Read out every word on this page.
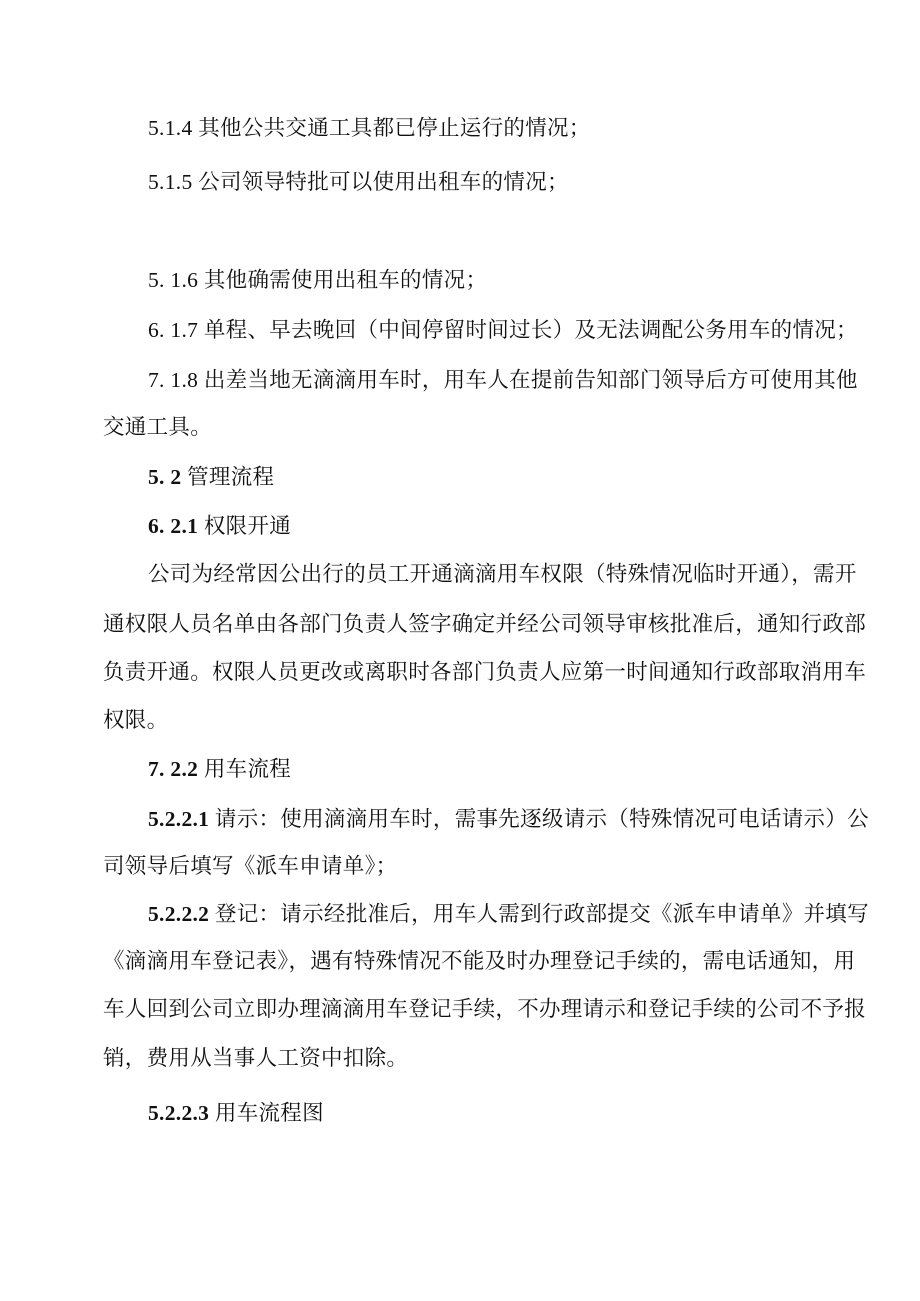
5.1.4 其他公共交通工具都已停止运行的情况；
5.1.5 公司领导特批可以使用出租车的情况；
5. 1.6 其他确需使用出租车的情况；
6. 1.7 单程、早去晚回（中间停留时间过长）及无法调配公务用车的情况；
7. 1.8 出差当地无滴滴用车时，用车人在提前告知部门领导后方可使用其他
交通工具。
5. 2 管理流程
6. 2.1 权限开通
公司为经常因公出行的员工开通滴滴用车权限（特殊情况临时开通），需开
通权限人员名单由各部门负责人签字确定并经公司领导审核批准后，通知行政部
负责开通。权限人员更改或离职时各部门负责人应第一时间通知行政部取消用车
权限。
7. 2.2 用车流程
5.2.2.1 请示：使用滴滴用车时，需事先逐级请示（特殊情况可电话请示）公
司领导后填写《派车申请单》；
5.2.2.2 登记：请示经批准后，用车人需到行政部提交《派车申请单》并填写
《滴滴用车登记表》，遇有特殊情况不能及时办理登记手续的，需电话通知，用
车人回到公司立即办理滴滴用车登记手续，不办理请示和登记手续的公司不予报
销，费用从当事人工资中扣除。
5.2.2.3 用车流程图
